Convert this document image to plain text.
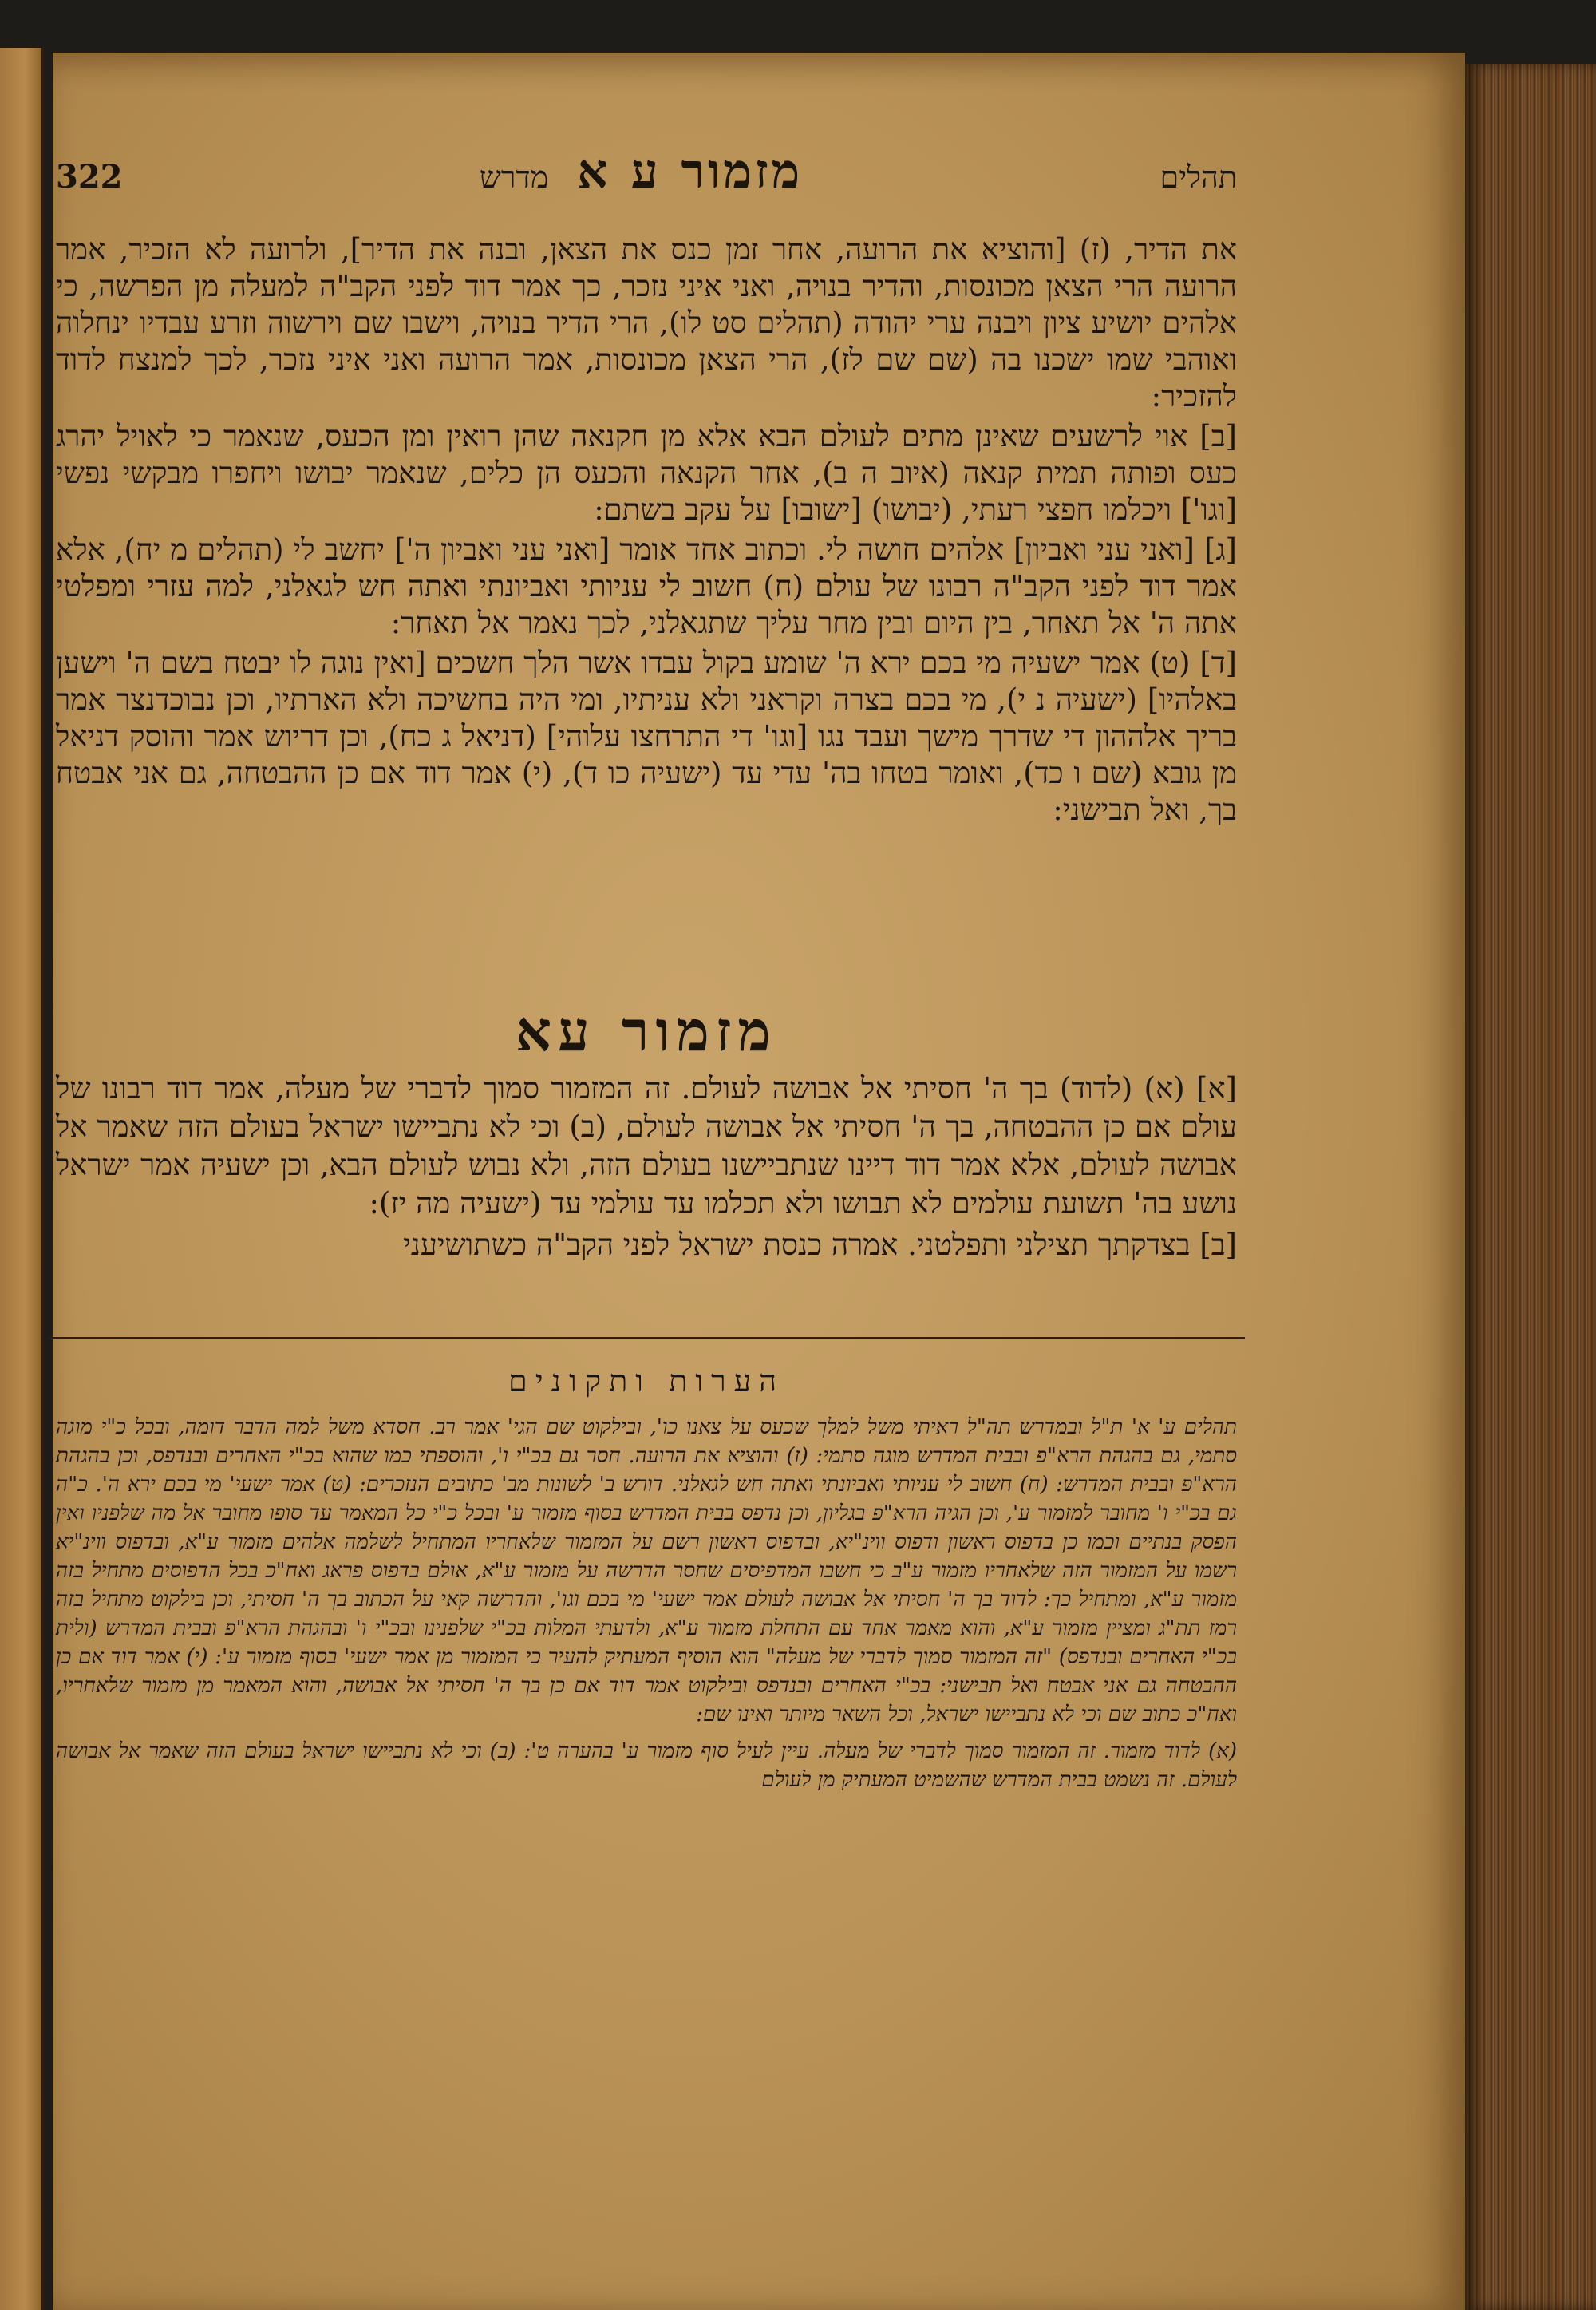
תהלים
מזמור ע א
מדרש
322

את הדיר, (ז) [והוציא את הרועה, אחר זמן כנס את הצאן, ובנה את הדיר], ולרועה לא הזכיר, אמר הרועה הרי הצאן מכונסות, והדיר בנויה, ואני איני נזכר, כך אמר דוד לפני הקב"ה למעלה מן הפרשה, כי אלהים יושיע ציון ויבנה ערי יהודה (תהלים סט לו), הרי הדיר בנויה, וישבו שם וירשוה וזרע עבדיו ינחלוה ואוהבי שמו ישכנו בה (שם שם לז), הרי הצאן מכונסות, אמר הרועה ואני איני נזכר, לכך למנצח לדוד להזכיר:

[ב] אוי לרשעים שאינן מתים לעולם הבא אלא מן חקנאה שהן רואין ומן הכעס, שנאמר כי לאויל יהרג כעס ופותה תמית קנאה (איוב ה ב), אחר הקנאה והכעס הן כלים, שנאמר יבושו ויחפרו מבקשי נפשי [וגו'] ויכלמו חפצי רעתי, (יבושו) [ישובו] על עקב בשתם:

[ג] [ואני עני ואביון] אלהים חושה לי. וכתוב אחד אומר [ואני עני ואביון ה'] יחשב לי (תהלים מ יח), אלא אמר דוד לפני הקב"ה רבונו של עולם (ח) חשוב לי עניותי ואביונתי ואתה חש לגאלני, למה עזרי ומפלטי אתה ה' אל תאחר, בין היום ובין מחר עליך שתגאלני, לכך נאמר אל תאחר:

[ד] (ט) אמר ישעיה מי בכם ירא ה' שומע בקול עבדו אשר הלך חשכים [ואין נוגה לו יבטח בשם ה' וישען באלהיו] (ישעיה נ י), מי בכם בצרה וקראני ולא עניתיו, ומי היה בחשיכה ולא הארתיו, וכן נבוכדנצר אמר בריך אלההון די שדרך מישך ועבד נגו [וגו' די התרחצו עלוהי] (דניאל ג כח), וכן דריוש אמר והוסק דניאל מן גובא (שם ו כד), ואומר בטחו בה' עדי עד (ישעיה כו ד), (י) אמר דוד אם כן ההבטחה, גם אני אבטח בך, ואל תבישני:

מזמור עא

[א] (א) (לדוד) בך ה' חסיתי אל אבושה לעולם. זה המזמור סמוך לדברי של מעלה, אמר דוד רבונו של עולם אם כן ההבטחה, בך ה' חסיתי אל אבושה לעולם, (ב) וכי לא נתביישו ישראל בעולם הזה שאמר אל אבושה לעולם, אלא אמר דוד דיינו שנתביישנו בעולם הזה, ולא נבוש לעולם הבא, וכן ישעיה אמר ישראל נושע בה' תשועת עולמים לא תבושו ולא תכלמו עד עולמי עד (ישעיה מה יז):

[ב] בצדקתך תצילני ותפלטני. אמרה כנסת ישראל לפני הקב"ה כשתושיעני

הערות ותקונים

תהלים ע' א' ת"ל ובמדרש תה"ל ראיתי משל למלך שכעס על צאנו כו', ובילקוט שם הגי' אמר רב. חסדא משל למה הדבר דומה, ובכל כ"י מוגה סתמי, גם בהגהת הרא"פ ובבית המדרש מוגה סתמי: (ז) והוציא את הרועה. חסר גם בכ"י ו', והוספתי כמו שהוא בכ"י האחרים ובנדפס, וכן בהגהת הרא"פ ובבית המדרש: (ח) חשוב לי עניותי ואביונתי ואתה חש לגאלני. דורש ב' לשונות מב' כתובים הנזכרים: (ט) אמר ישעי' מי בכם ירא ה'. כ"ה גם בכ"י ו' מחובר למזמור ע', וכן הגיה הרא"פ בגליון, וכן נדפס בבית המדרש בסוף מזמור ע' ובכל כ"י כל המאמר עד סופו מחובר אל מה שלפניו ואין הפסק בנתיים וכמו כן בדפוס ראשון ודפוס ווינ"יא, ובדפוס ראשון רשם על המזמור שלאחריו המתחיל לשלמה אלהים מזמור ע"א, ובדפוס ווינ"יא רשמו על המזמור הזה שלאחריו מזמור ע"ב כי חשבו המדפיסים שחסר הדרשה על מזמור ע"א, אולם בדפוס פראג ואח"כ בכל הדפוסים מתחיל בזה מזמור ע"א, ומתחיל כך: לדוד בך ה' חסיתי אל אבושה לעולם אמר ישעי' מי בכם וגו', והדרשה קאי על הכתוב בך ה' חסיתי, וכן בילקוט מתחיל בזה רמז תת"ג ומציין מזמור ע"א, והוא מאמר אחד עם התחלת מזמור ע"א, ולדעתי המלות בכ"י שלפנינו ובכ"י ו' ובהגהת הרא"פ ובבית המדרש (ולית בכ"י האחרים ובנדפס) "זה המזמור סמוך לדברי של מעלה" הוא הוסיף המעתיק להעיר כי המזמור מן אמר ישעי' בסוף מזמור ע': (י) אמר דוד אם כן ההבטחה גם אני אבטח ואל תבישני: בכ"י האחרים ובנדפס ובילקוט אמר דוד אם כן בך ה' חסיתי אל אבושה, והוא המאמר מן מזמור שלאחריו, ואח"כ כתוב שם וכי לא נתביישו ישראל, וכל השאר מיותר ואינו שם:

(א) לדוד מזמור. זה המזמור סמוך לדברי של מעלה. עיין לעיל סוף מזמור ע' בהערה ט': (ב) וכי לא נתביישו ישראל בעולם הזה שאמר אל אבושה לעולם. זה נשמט בבית המדרש שהשמיט המעתיק מן לעולם
